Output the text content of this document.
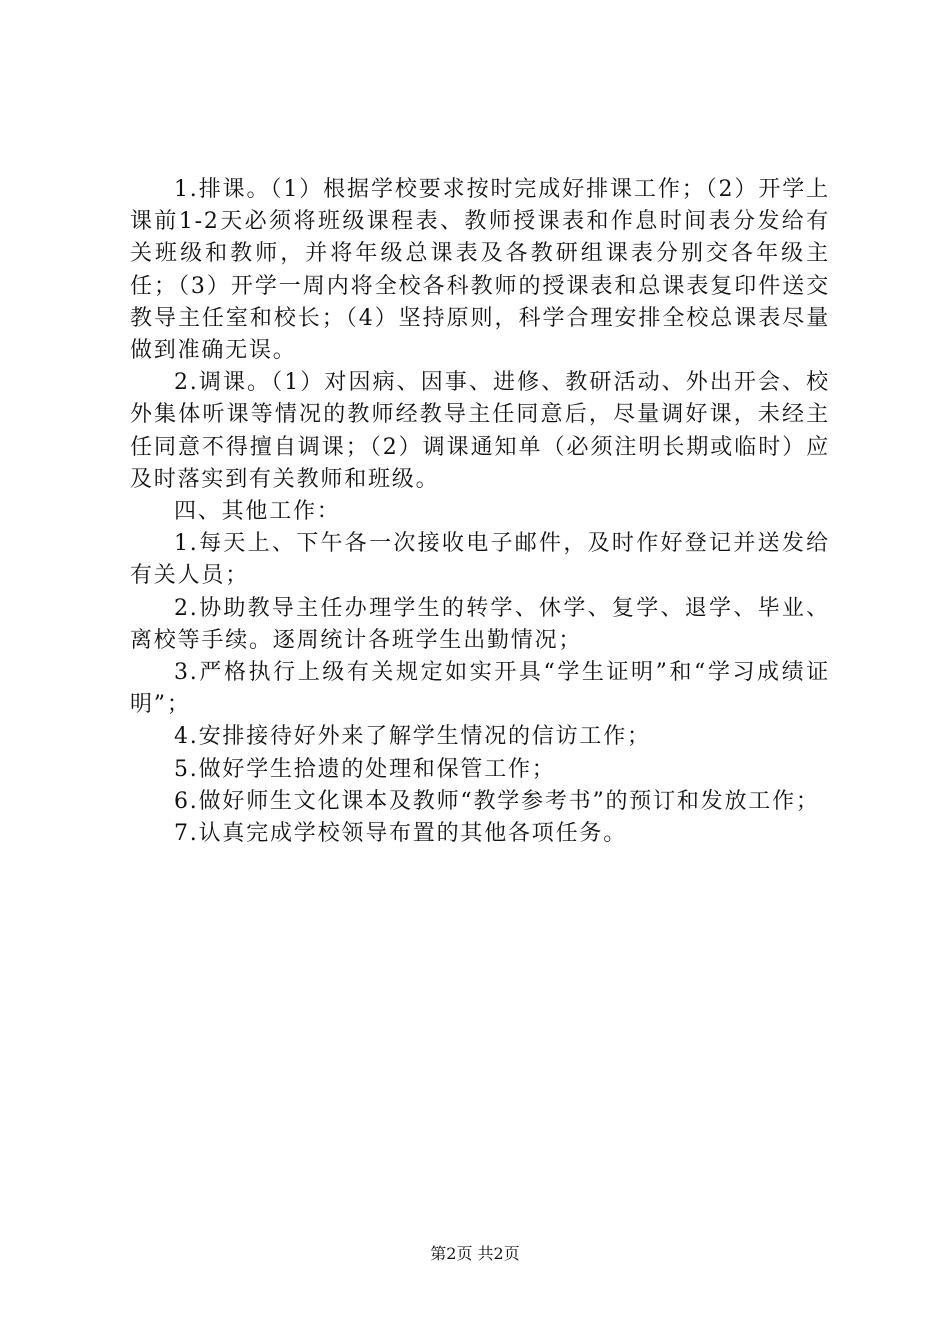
1.排课。（1）根据学校要求按时完成好排课工作；（2）开学上课前1-2天必须将班级课程表、教师授课表和作息时间表分发给有关班级和教师，并将年级总课表及各教研组课表分别交各年级主任；（3）开学一周内将全校各科教师的授课表和总课表复印件送交教导主任室和校长；（4）坚持原则，科学合理安排全校总课表尽量做到准确无误。

2.调课。（1）对因病、因事、进修、教研活动、外出开会、校外集体听课等情况的教师经教导主任同意后，尽量调好课，未经主任同意不得擅自调课；（2）调课通知单（必须注明长期或临时）应及时落实到有关教师和班级。

四、其他工作：

1.每天上、下午各一次接收电子邮件，及时作好登记并送发给有关人员；

2.协助教导主任办理学生的转学、休学、复学、退学、毕业、离校等手续。逐周统计各班学生出勤情况；

3.严格执行上级有关规定如实开具“学生证明”和“学习成绩证明”；

4.安排接待好外来了解学生情况的信访工作；

5.做好学生拾遗的处理和保管工作；

6.做好师生文化课本及教师“教学参考书”的预订和发放工作；

7.认真完成学校领导布置的其他各项任务。

第2页 共2页
